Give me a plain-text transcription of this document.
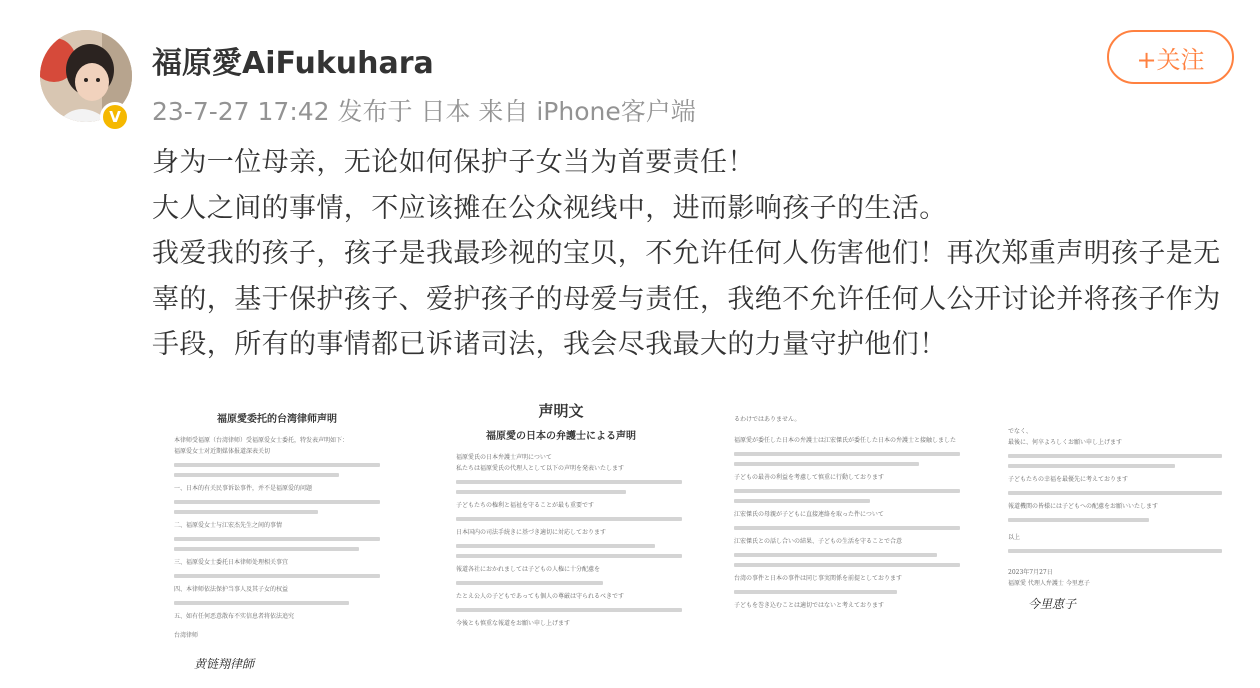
V
福原愛AiFukuhara
23-7-27 17:42 发布于 日本 来自 iPhone客户端
+关注

身为一位母亲，无论如何保护子女当为首要责任！

大人之间的事情，不应该摊在公众视线中，进而影响孩子的生活。

我爱我的孩子，孩子是我最珍视的宝贝，不允许任何人伤害他们！再次郑重声明孩子是无辜的，基于保护孩子、爱护孩子的母爱与责任，我绝不允许任何人公开讨论并将孩子作为手段，所有的事情都已诉诸司法，我会尽我最大的力量守护他们！

福原愛委托的台湾律师声明
本律师受福原（台湾律师）受福原爱女士委托，特发表声明如下：
福原爱女士对近期媒体报道深表关切
一、日本的有关民事诉讼事件，并不是福原爱的问题
二、福原爱女士与江宏杰先生之间的事情
三、福原爱女士委托日本律师处理相关事宜
四、本律师依法保护当事人及其子女的权益
五、如有任何恶意散布不实信息者将依法追究
台湾律师
黄链翔律師
声明文
福原愛の日本の弁護士による声明
福原愛氏の日本弁護士声明について
私たちは福原愛氏の代理人として以下の声明を発表いたします
子どもたちの権利と福祉を守ることが最も重要です
日本国内の司法手続きに基づき適切に対応しております
報道各社におかれましては子どもの人権に十分配慮を
たとえ公人の子どもであっても個人の尊厳は守られるべきです
今後とも慎重な報道をお願い申し上げます
るわけではありません。
福原愛が委任した日本の弁護士は江宏傑氏が委任した日本の弁護士と接触しました
子どもの最善の利益を考慮して慎重に行動しております
江宏傑氏の母親が子どもに直接連絡を取った件について
江宏傑氏との話し合いの結果、子どもの生活を守ることで合意
台湾の事件と日本の事件は同じ事実関係を前提としております
子どもを巻き込むことは適切ではないと考えております
でなく、
最後に、何卒よろしくお願い申し上げます
子どもたちの幸福を最優先に考えております
報道機関の皆様には子どもへの配慮をお願いいたします
以上
2023年7月27日
福原愛 代理人弁護士 今里恵子
今里恵子
